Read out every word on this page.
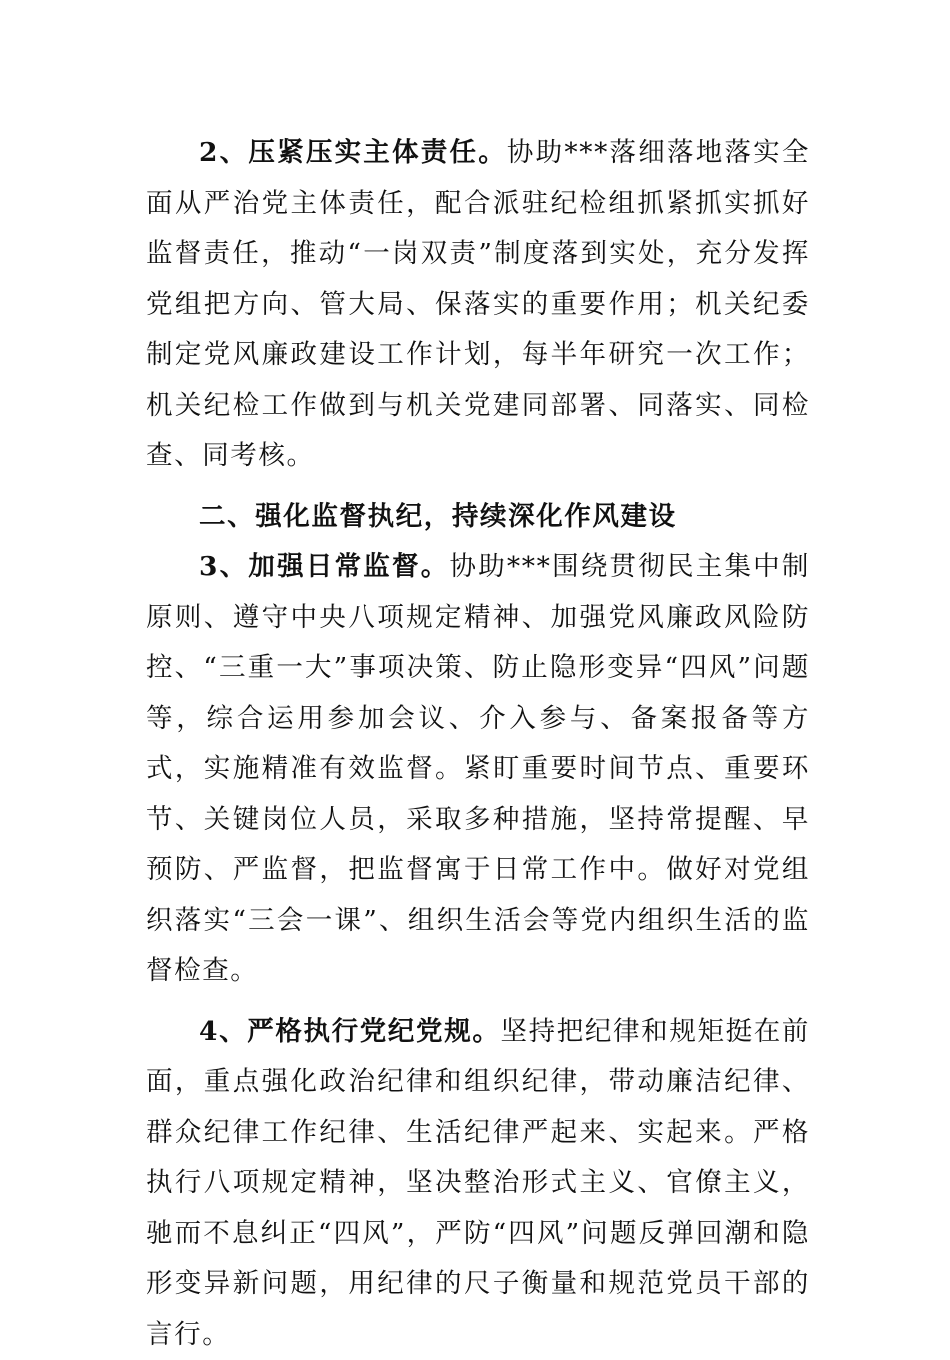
2、压紧压实主体责任。协助***落细落地落实全面从严治党主体责任，配合派驻纪检组抓紧抓实抓好监督责任，推动“一岗双责”制度落到实处，充分发挥党组把方向、管大局、保落实的重要作用；机关纪委制定党风廉政建设工作计划，每半年研究一次工作；机关纪检工作做到与机关党建同部署、同落实、同检查、同考核。

二、强化监督执纪，持续深化作风建设

3、加强日常监督。协助***围绕贯彻民主集中制原则、遵守中央八项规定精神、加强党风廉政风险防控、“三重一大”事项决策、防止隐形变异“四风”问题等，综合运用参加会议、介入参与、备案报备等方式，实施精准有效监督。紧盯重要时间节点、重要环节、关键岗位人员，采取多种措施，坚持常提醒、早预防、严监督，把监督寓于日常工作中。做好对党组织落实“三会一课”、组织生活会等党内组织生活的监督检查。

4、严格执行党纪党规。坚持把纪律和规矩挺在前面，重点强化政治纪律和组织纪律，带动廉洁纪律、群众纪律工作纪律、生活纪律严起来、实起来。严格执行八项规定精神，坚决整治形式主义、官僚主义，驰而不息纠正“四风”，严防“四风”问题反弹回潮和隐形变异新问题，用纪律的尺子衡量和规范党员干部的言行。
